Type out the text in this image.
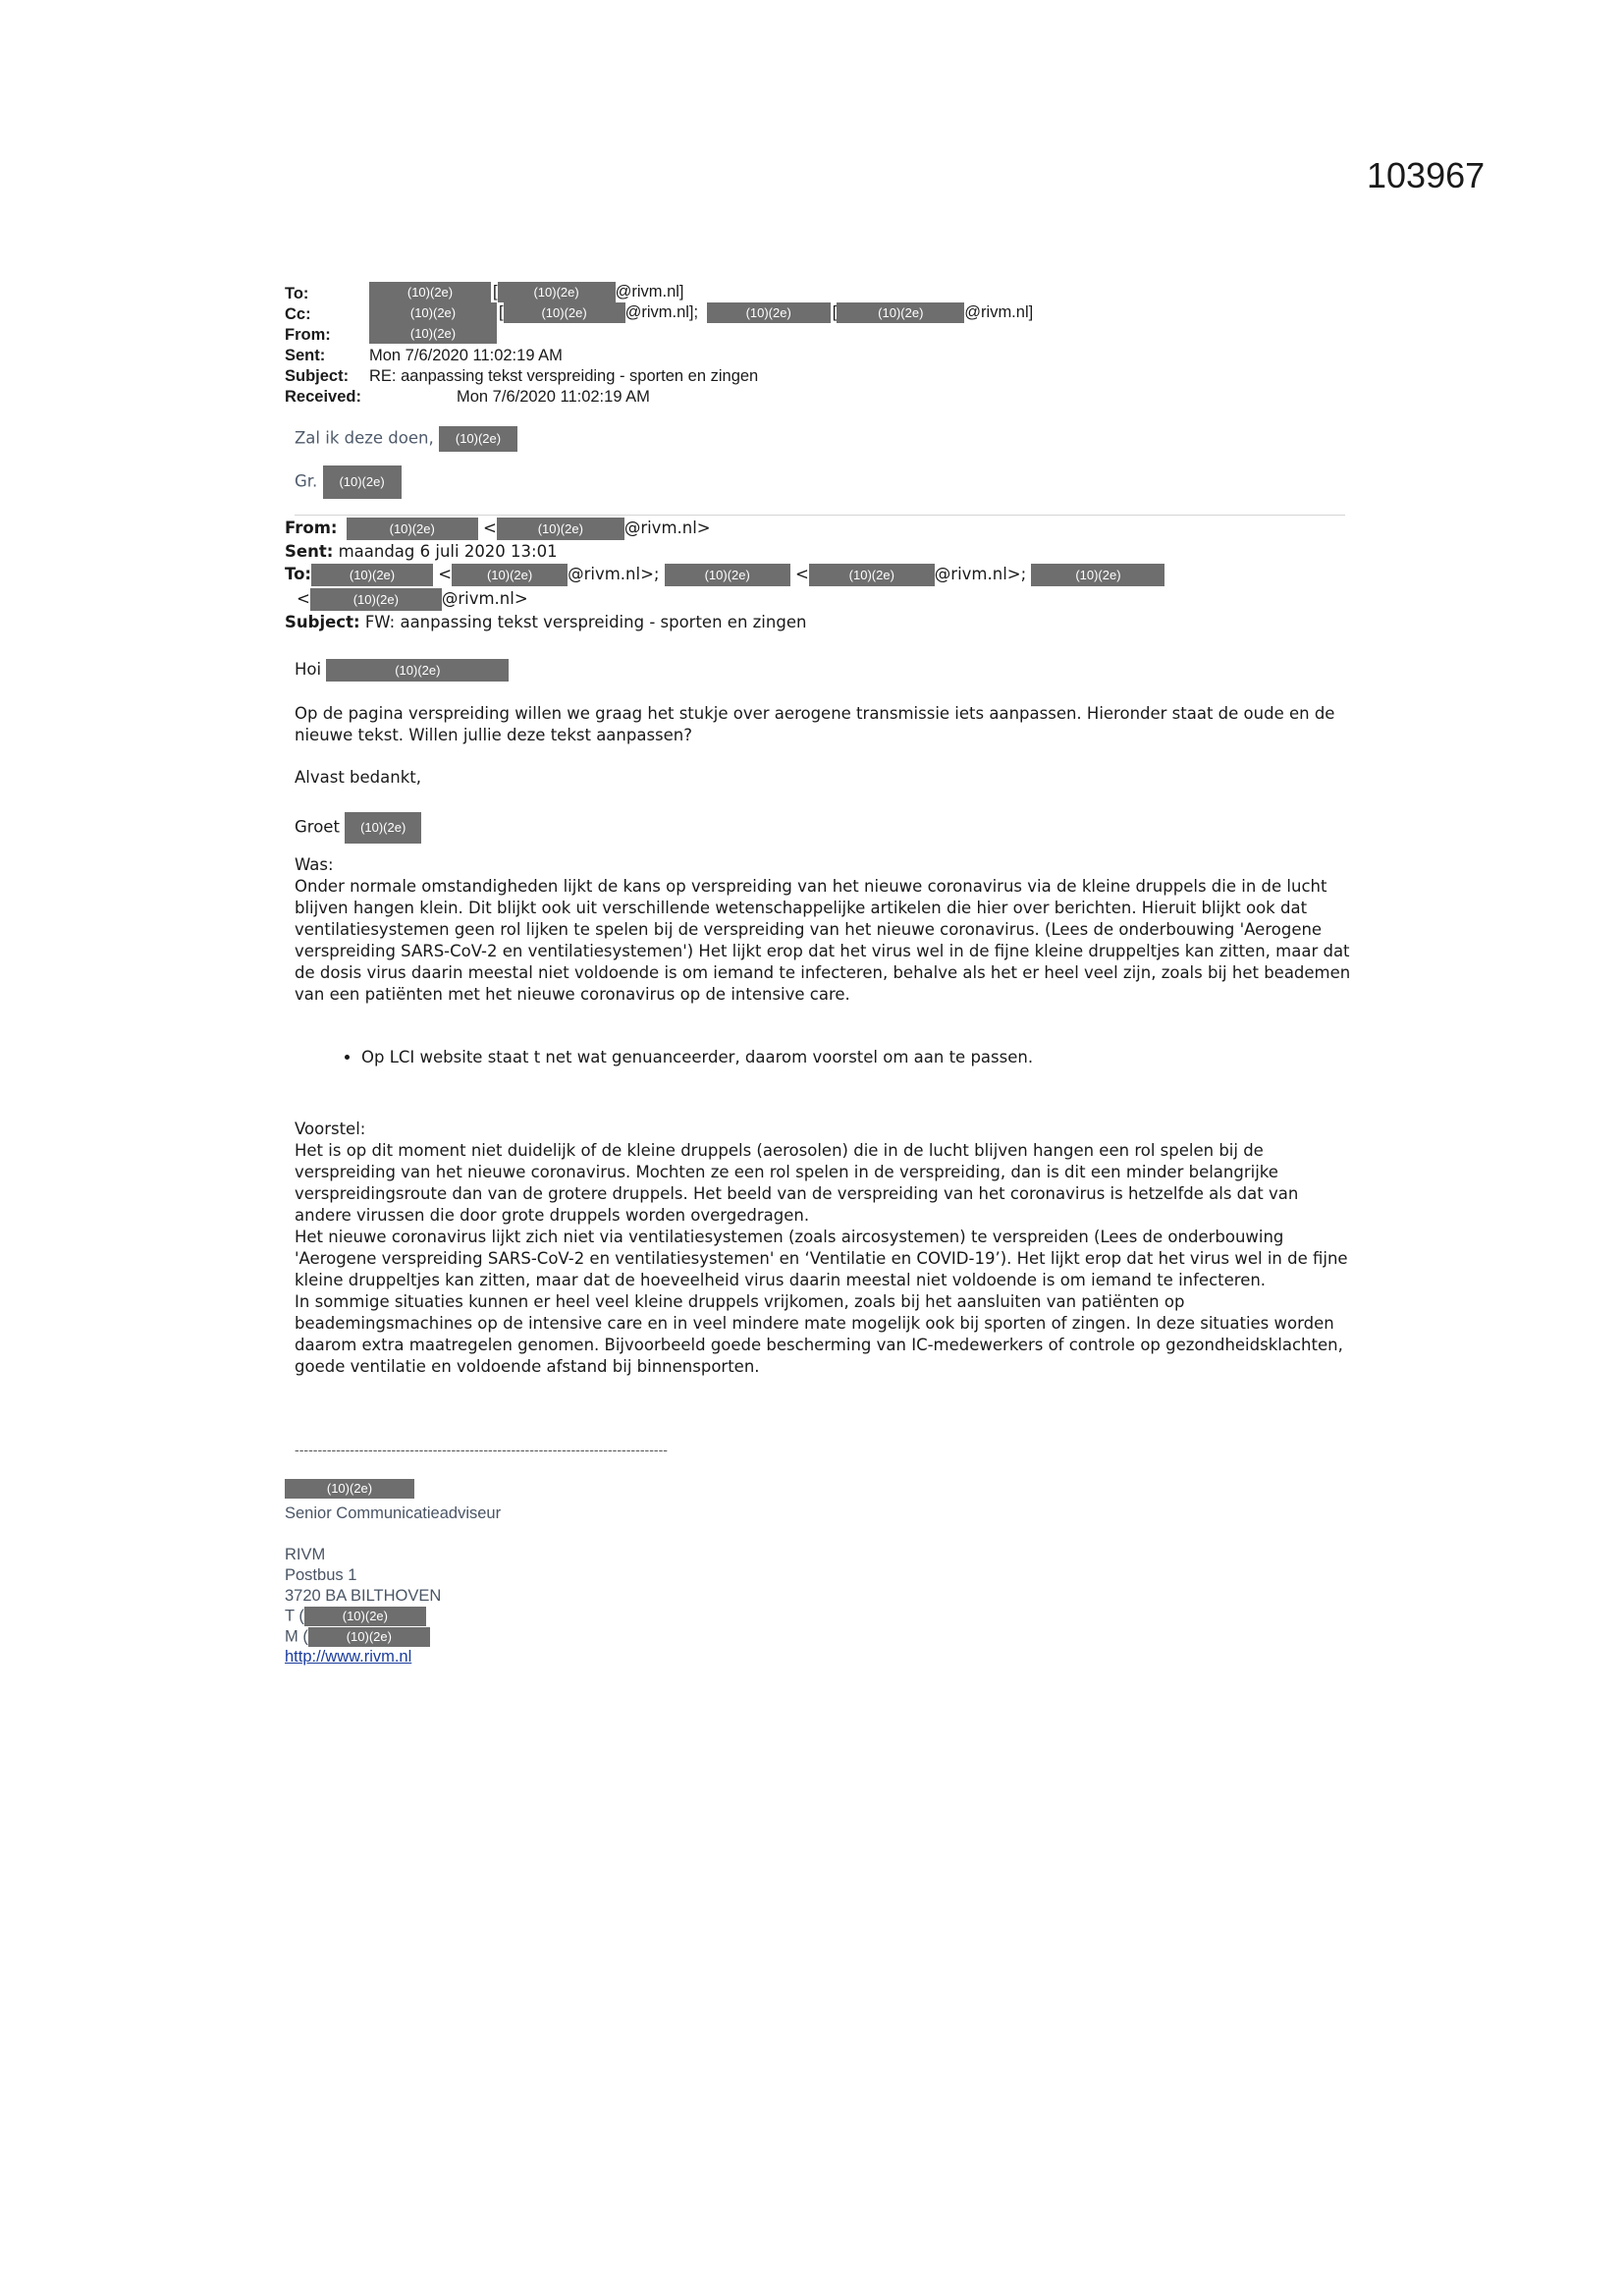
103967
To:	(10)(2e) [	(10)(2e) @rivm.nl]
Cc:	(10)(2e)	[	(10)(2e) @rivm.nl];	(10)(2e)	[	(10)(2e)	@rivm.nl]
From:	(10)(2e)
Sent:	Mon 7/6/2020 11:02:19 AM
Subject: RE: aanpassing tekst verspreiding - sporten en zingen
Received:	Mon 7/6/2020 11:02:19 AM
Zal ik deze doen, (10)(2e)
Gr. (10)(2e)
From:	(10)(2e)	<	(10)(2e)	@rivm.nl>
Sent: maandag 6 juli 2020 13:01
To:	(10)(2e)	<	(10)(2e) @rivm.nl>;	(10)(2e)	<	(10)(2e) @rivm.nl>;	(10)(2e)
<	(10)(2e)	@rivm.nl>
Subject: FW: aanpassing tekst verspreiding - sporten en zingen
Hoi	(10)(2e)
Op de pagina verspreiding willen we graag het stukje over aerogene transmissie iets aanpassen. Hieronder staat de oude en de nieuwe tekst. Willen jullie deze tekst aanpassen?
Alvast bedankt,
Groet (10)(2e)
Was:
Onder normale omstandigheden lijkt de kans op verspreiding van het nieuwe coronavirus via de kleine druppels die in de lucht blijven hangen klein. Dit blijkt ook uit verschillende wetenschappelijke artikelen die hier over berichten. Hieruit blijkt ook dat ventilatiesystemen geen rol lijken te spelen bij de verspreiding van het nieuwe coronavirus. (Lees de onderbouwing 'Aerogene verspreiding SARS-CoV-2 en ventilatiesystemen') Het lijkt erop dat het virus wel in de fijne kleine druppeltjes kan zitten, maar dat de dosis virus daarin meestal niet voldoende is om iemand te infecteren, behalve als het er heel veel zijn, zoals bij het beademen van een patiënten met het nieuwe coronavirus op de intensive care.
• Op LCI website staat t net wat genuanceerder, daarom voorstel om aan te passen.
Voorstel:
Het is op dit moment niet duidelijk of de kleine druppels (aerosolen) die in de lucht blijven hangen een rol spelen bij de verspreiding van het nieuwe coronavirus. Mochten ze een rol spelen in de verspreiding, dan is dit een minder belangrijke verspreidingsroute dan van de grotere druppels. Het beeld van de verspreiding van het coronavirus is hetzelfde als dat van andere virussen die door grote druppels worden overgedragen.
Het nieuwe coronavirus lijkt zich niet via ventilatiesystemen (zoals aircosystemen) te verspreiden (Lees de onderbouwing 'Aerogene verspreiding SARS-CoV-2 en ventilatiesystemen' en ‘Ventilatie en COVID-19’). Het lijkt erop dat het virus wel in de fijne kleine druppeltjes kan zitten, maar dat de hoeveelheid virus daarin meestal niet voldoende is om iemand te infecteren.
In sommige situaties kunnen er heel veel kleine druppels vrijkomen, zoals bij het aansluiten van patiënten op beademingsmachines op de intensive care en in veel mindere mate mogelijk ook bij sporten of zingen. In deze situaties worden daarom extra maatregelen genomen. Bijvoorbeeld goede bescherming van IC-medewerkers of controle op gezondheidsklachten, goede ventilatie en voldoende afstand bij binnensporten.
---------------------------------------------------------------------------------
(10)(2e)
Senior Communicatieadviseur
RIVM
Postbus 1
3720 BA BILTHOVEN
T (	(10)(2e)
M (	(10)(2e)
http://www.rivm.nl
